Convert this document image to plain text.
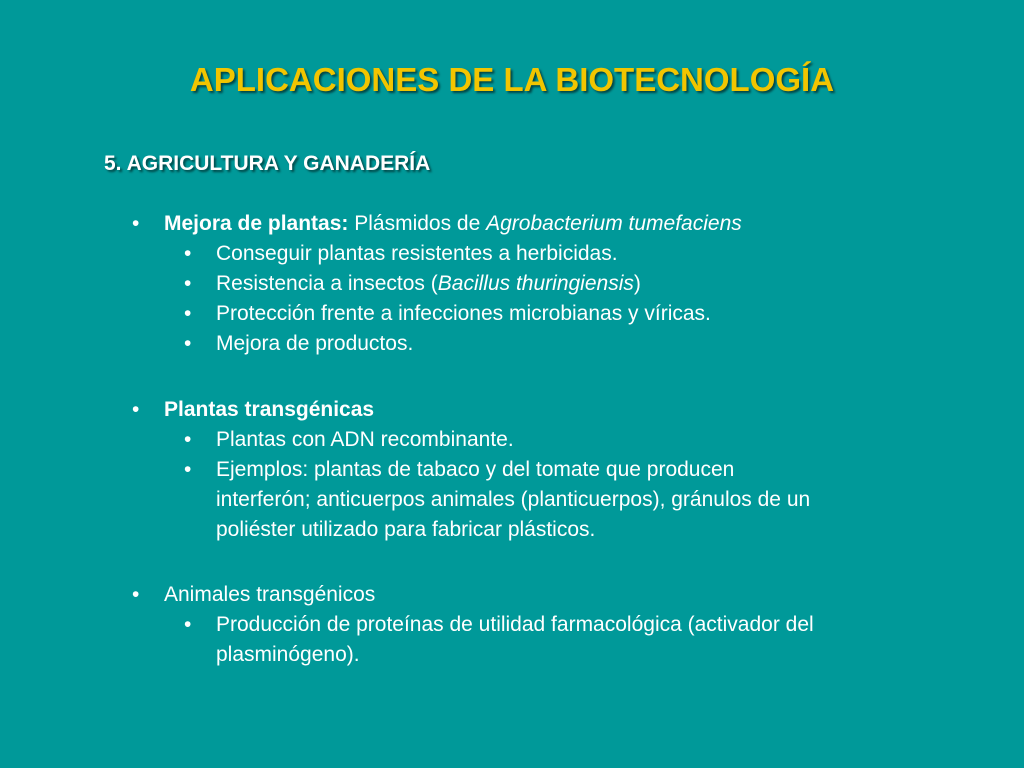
APLICACIONES DE LA BIOTECNOLOGÍA
5. AGRICULTURA Y GANADERÍA
•	Mejora de plantas: Plásmidos de Agrobacterium tumefaciens
•	Conseguir plantas resistentes a herbicidas.
•	Resistencia a insectos (Bacillus thuringiensis)
•	Protección frente a infecciones microbianas y víricas.
•	Mejora de productos.
•	Plantas transgénicas
•	Plantas con ADN recombinante.
•	Ejemplos: plantas de tabaco y del tomate que producen
interferón; anticuerpos animales (planticuerpos), gránulos de un
poliéster utilizado para fabricar plásticos.
•	Animales transgénicos
•	Producción de proteínas de utilidad farmacológica (activador del
plasminógeno).
